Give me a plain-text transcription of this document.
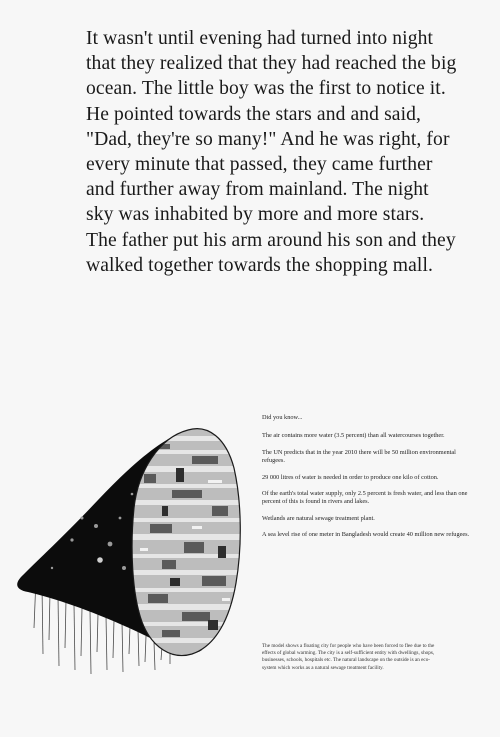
It wasn't until evening had turned into night that they realized that they had reached the big ocean. The little boy was the first to notice it. He pointed towards the stars and and said, "Dad, they're so many!" And he was right, for every minute that passed, they came further and further away from mainland. The night sky was inhabited by more and more stars. The father put his arm around his son and they walked together towards the shopping mall.

Did you know...

The air contains more water (3.5 percent) than all watercourses together.

The UN predicts that in the year 2010 there will be 50 million environmental refugees.

29 000 litres of water is needed in order to produce one kilo of cotton.

Of the earth's total water supply, only 2.5 percent is fresh water, and less than one percent of this is found in rivers and lakes.

Wetlands are natural sewage treatment plant.

A sea level rise of one meter in Bangladesh would create 40 million new refugees.

The model shows a floating city for people who have been forced to flee due to the effects of global warming. The city is a self-sufficient entity with dwellings, shops, businesses, schools, hospitals etc. The natural landscape on the outside is an eco-system which works as a natural sewage treatment facility.
